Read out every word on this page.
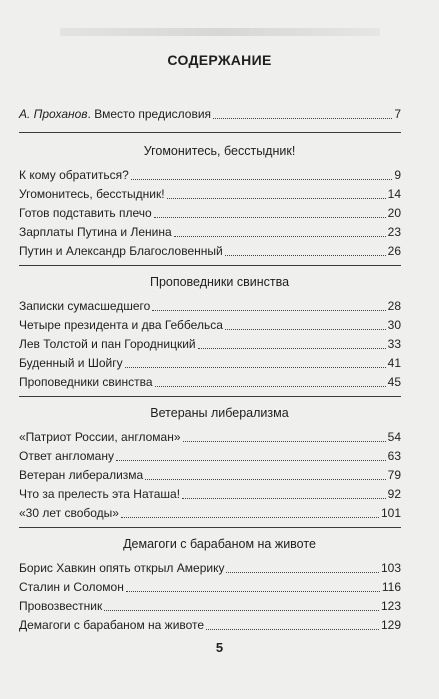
СОДЕРЖАНИЕ
А. Проханов. Вместо предисловия	7
Угомонитесь, бесстыдник!
К кому обратиться?	9
Угомонитесь, бесстыдник!	14
Готов подставить плечо	20
Зарплаты Путина и Ленина	23
Путин и Александр Благословенный	26
Проповедники свинства
Записки сумасшедшего	28
Четыре президента и два Геббельса	30
Лев Толстой и пан Городницкий	33
Буденный и Шойгу	41
Проповедники свинства	45
Ветераны либерализма
«Патриот России, англоман»	54
Ответ англоману	63
Ветеран либерализма	79
Что за прелесть эта Наташа!	92
«30 лет свободы»	101
Демагоги с барабаном на животе
Борис Хавкин опять открыл Америку	103
Сталин и Соломон	116
Провозвестник	123
Демагоги с барабаном на животе	129
5
